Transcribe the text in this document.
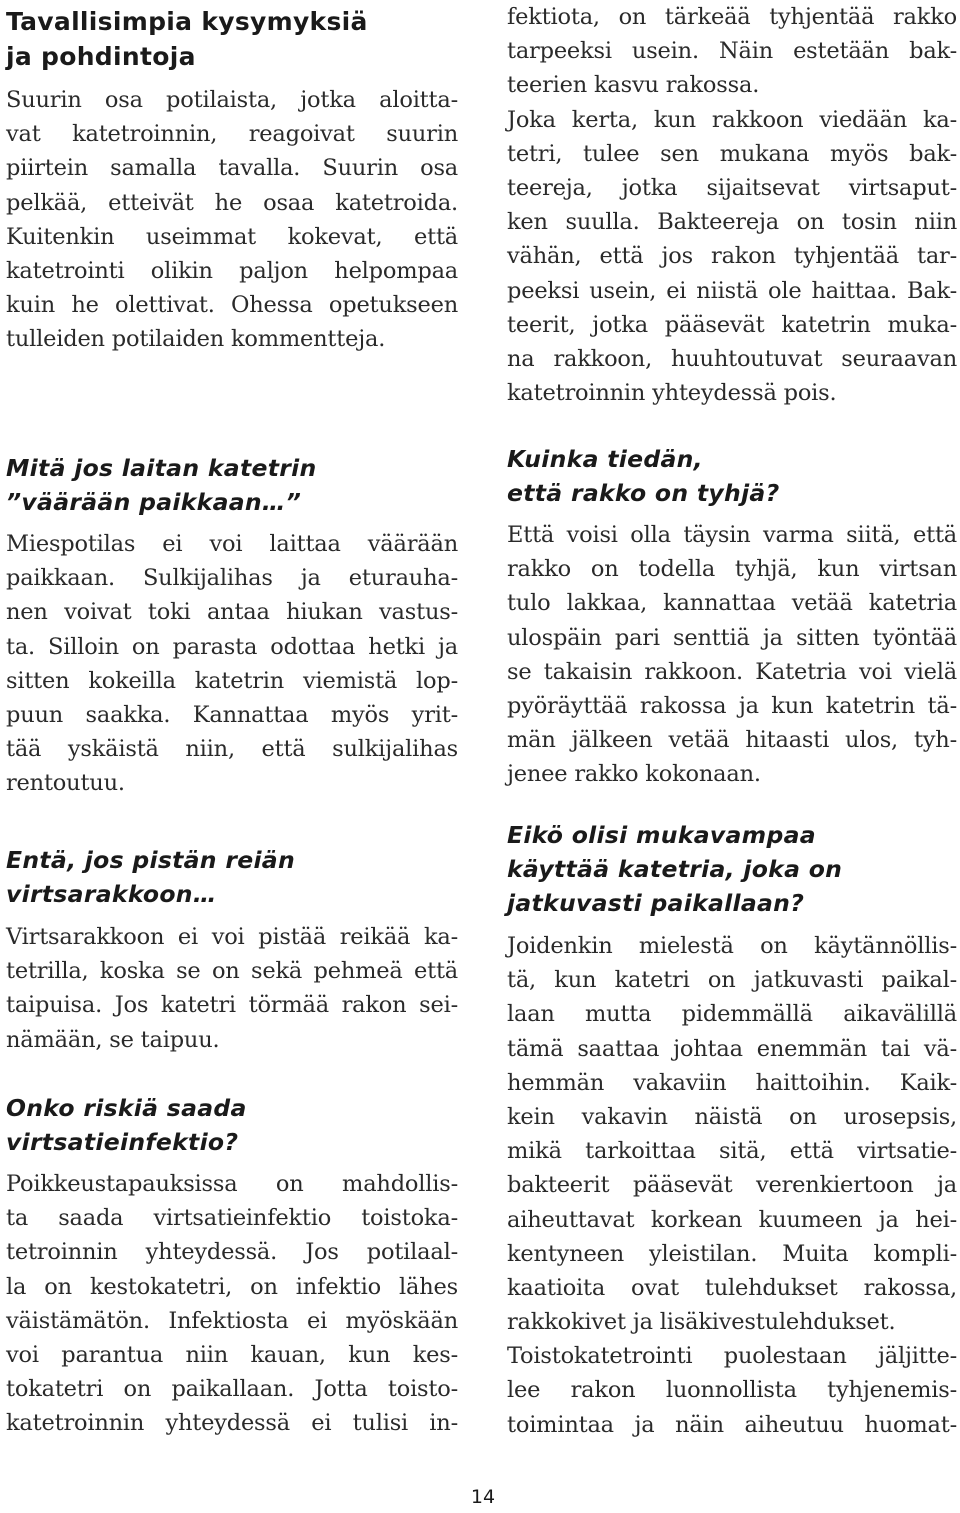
Tavallisimpia kysymyksiä
ja pohdintoja
Suurin osa potilaista, jotka aloitta-
vat katetroinnin, reagoivat suurin
piirtein samalla tavalla. Suurin osa
pelkää, etteivät he osaa katetroida.
Kuitenkin useimmat kokevat, että
katetrointi olikin paljon helpompaa
kuin he olettivat. Ohessa opetukseen
tulleiden potilaiden kommentteja.
Mitä jos laitan katetrin
”väärään paikkaan…”
Miespotilas ei voi laittaa väärään
paikkaan. Sulkijalihas ja eturauha-
nen voivat toki antaa hiukan vastus-
ta. Silloin on parasta odottaa hetki ja
sitten kokeilla katetrin viemistä lop-
puun saakka. Kannattaa myös yrit-
tää yskäistä niin, että sulkijalihas
rentoutuu.
Entä, jos pistän reiän
virtsarakkoon…
Virtsarakkoon ei voi pistää reikää ka-
tetrilla, koska se on sekä pehmeä että
taipuisa. Jos katetri törmää rakon sei-
nämään, se taipuu.
Onko riskiä saada
virtsatieinfektio?
Poikkeustapauksissa on mahdollis-
ta saada virtsatieinfektio toistoka-
tetroinnin yhteydessä. Jos potilaal-
la on kestokatetri, on infektio lähes
väistämätön. Infektiosta ei myöskään
voi parantua niin kauan, kun kes-
tokatetri on paikallaan. Jotta toisto-
katetroinnin yhteydessä ei tulisi in-
fektiota, on tärkeää tyhjentää rakko
tarpeeksi usein. Näin estetään bak-
teerien kasvu rakossa.
Joka kerta, kun rakkoon viedään ka-
tetri, tulee sen mukana myös bak-
teereja, jotka sijaitsevat virtsaput-
ken suulla. Bakteereja on tosin niin
vähän, että jos rakon tyhjentää tar-
peeksi usein, ei niistä ole haittaa. Bak-
teerit, jotka pääsevät katetrin muka-
na rakkoon, huuhtoutuvat seuraavan
katetroinnin yhteydessä pois.
Kuinka tiedän,
että rakko on tyhjä?
Että voisi olla täysin varma siitä, että
rakko on todella tyhjä, kun virtsan
tulo lakkaa, kannattaa vetää katetria
ulospäin pari senttiä ja sitten työntää
se takaisin rakkoon. Katetria voi vielä
pyöräyttää rakossa ja kun katetrin tä-
män jälkeen vetää hitaasti ulos, tyh-
jenee rakko kokonaan.
Eikö olisi mukavampaa
käyttää katetria, joka on
jatkuvasti paikallaan?
Joidenkin mielestä on käytännöllis-
tä, kun katetri on jatkuvasti paikal-
laan mutta pidemmällä aikavälillä
tämä saattaa johtaa enemmän tai vä-
hemmän vakaviin haittoihin. Kaik-
kein vakavin näistä on urosepsis,
mikä tarkoittaa sitä, että virtsatie-
bakteerit pääsevät verenkiertoon ja
aiheuttavat korkean kuumeen ja hei-
kentyneen yleistilan. Muita kompli-
kaatioita ovat tulehdukset rakossa,
rakkokivet ja lisäkivestulehdukset.
Toistokatetrointi puolestaan jäljitte-
lee rakon luonnollista tyhjenemis-
toimintaa ja näin aiheutuu huomat-
14
